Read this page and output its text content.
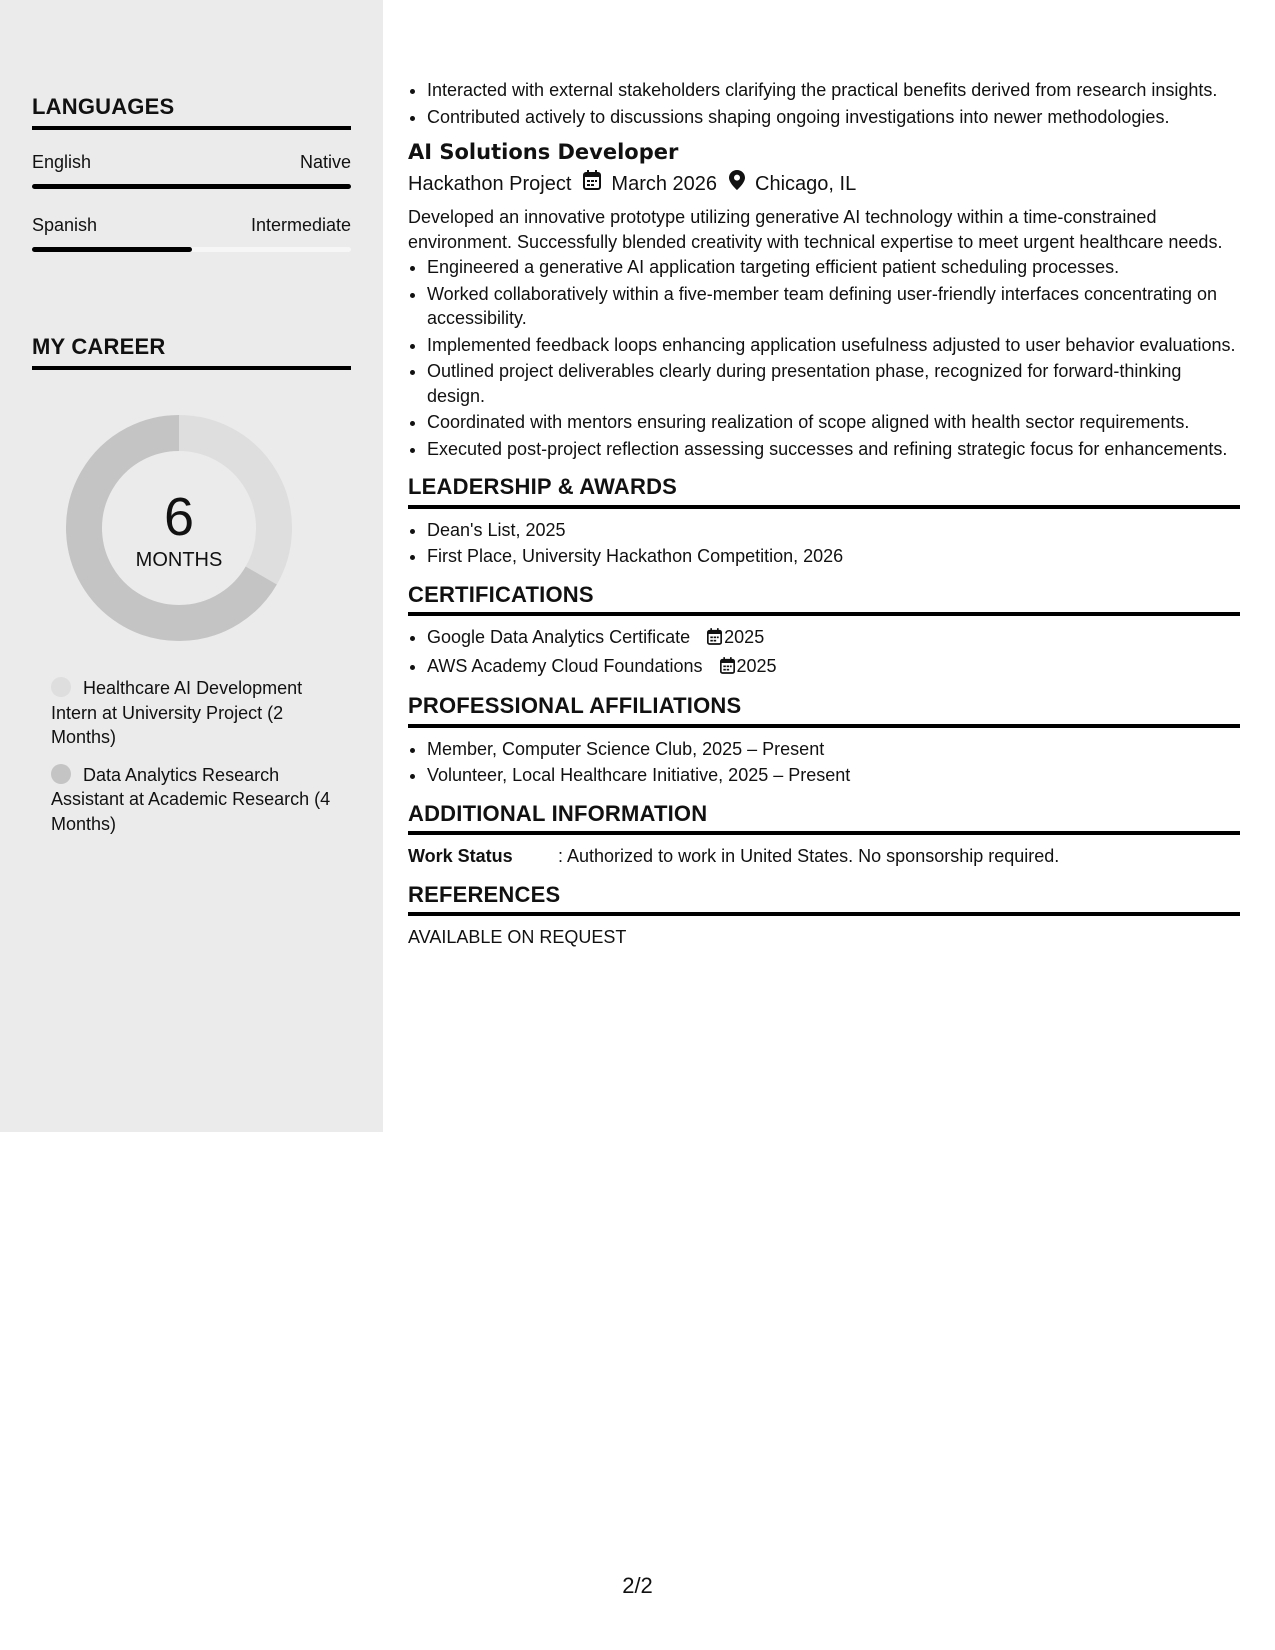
LANGUAGES
English	Native
Spanish	Intermediate
MY CAREER
6
MONTHS
Healthcare AI Development Intern at University Project (2 Months)
Data Analytics Research Assistant at Academic Research (4 Months)
• Interacted with external stakeholders clarifying the practical benefits derived from research insights.
• Contributed actively to discussions shaping ongoing investigations into newer methodologies.
AI Solutions Developer
Hackathon Project March 2026 Chicago, IL
Developed an innovative prototype utilizing generative AI technology within a time-constrained environment. Successfully blended creativity with technical expertise to meet urgent healthcare needs.
• Engineered a generative AI application targeting efficient patient scheduling processes.
• Worked collaboratively within a five-member team defining user-friendly interfaces concentrating on accessibility.
• Implemented feedback loops enhancing application usefulness adjusted to user behavior evaluations.
• Outlined project deliverables clearly during presentation phase, recognized for forward-thinking design.
• Coordinated with mentors ensuring realization of scope aligned with health sector requirements.
• Executed post-project reflection assessing successes and refining strategic focus for enhancements.
LEADERSHIP & AWARDS
• Dean's List, 2025
• First Place, University Hackathon Competition, 2026
CERTIFICATIONS
• Google Data Analytics Certificate 2025
• AWS Academy Cloud Foundations 2025
PROFESSIONAL AFFILIATIONS
• Member, Computer Science Club, 2025 – Present
• Volunteer, Local Healthcare Initiative, 2025 – Present
ADDITIONAL INFORMATION
Work Status	: Authorized to work in United States. No sponsorship required.
REFERENCES
AVAILABLE ON REQUEST
2/2
